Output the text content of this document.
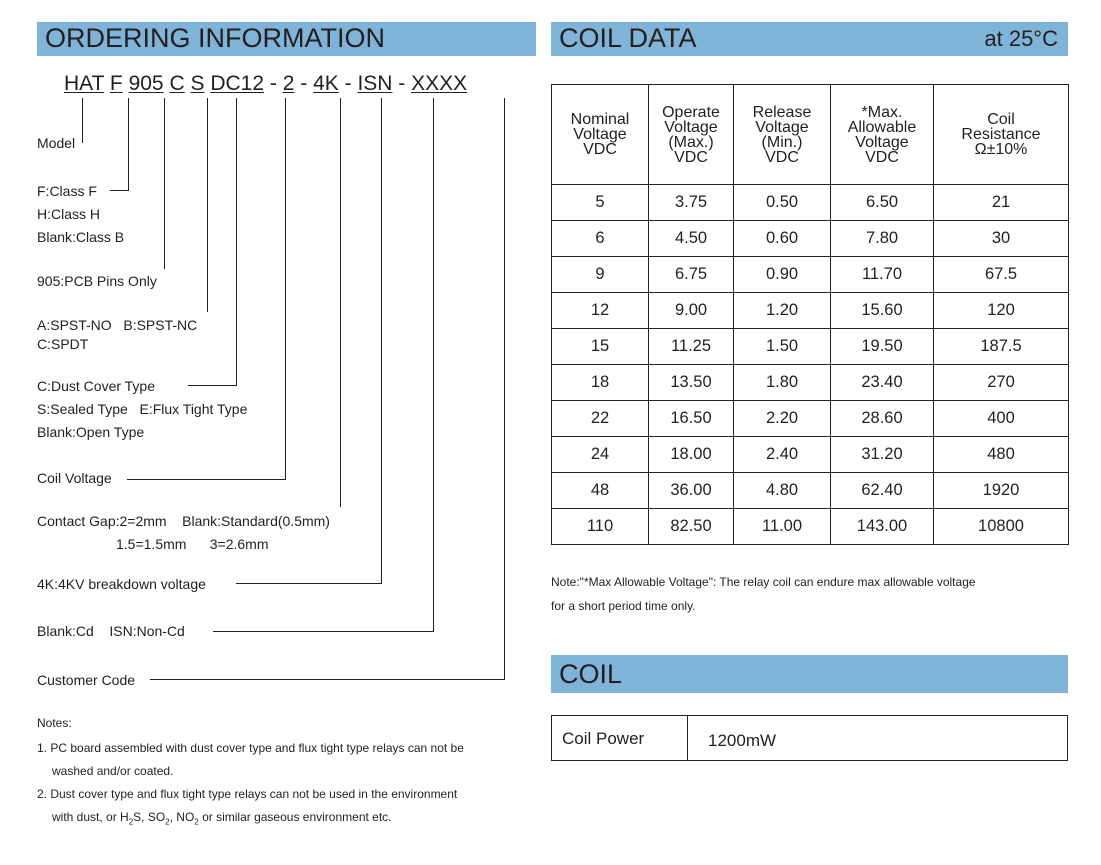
ORDERING INFORMATION
HAT F 905 C S DC12 - 2 - 4K - ISN - XXXX
Model
F:Class F
H:Class H
Blank:Class B
905:PCB Pins Only
A:SPST-NO   B:SPST-NC
C:SPDT
C:Dust Cover Type
S:Sealed Type   E:Flux Tight Type
Blank:Open Type
Coil Voltage
Contact Gap:2=2mm    Blank:Standard(0.5mm)
1.5=1.5mm      3=2.6mm
4K:4KV breakdown voltage
Blank:Cd    ISN:Non-Cd
Customer Code
Notes:
1. PC board assembled with dust cover type and flux tight type relays can not be
washed and/or coated.
2. Dust cover type and flux tight type relays can not be used in the environment
with dust, or $H_2S$, $SO_2$, $NO_2$ or similar gaseous environment etc.
COIL DATA	at 25°C
Nominal
Voltage
VDC	Operate
Voltage
(Max.)
VDC	Release
Voltage
(Min.)
VDC	*Max.
Allowable
Voltage
VDC	Coil
Resistance
Ω±10%
5	3.75	0.50	6.50	21
6	4.50	0.60	7.80	30
9	6.75	0.90	11.70	67.5
12	9.00	1.20	15.60	120
15	11.25	1.50	19.50	187.5
18	13.50	1.80	23.40	270
22	16.50	2.20	28.60	400
24	18.00	2.40	31.20	480
48	36.00	4.80	62.40	1920
110	82.50	11.00	143.00	10800
Note:"*Max Allowable Voltage": The relay coil can endure max allowable voltage
for a short period time only.
COIL
Coil Power	1200mW
